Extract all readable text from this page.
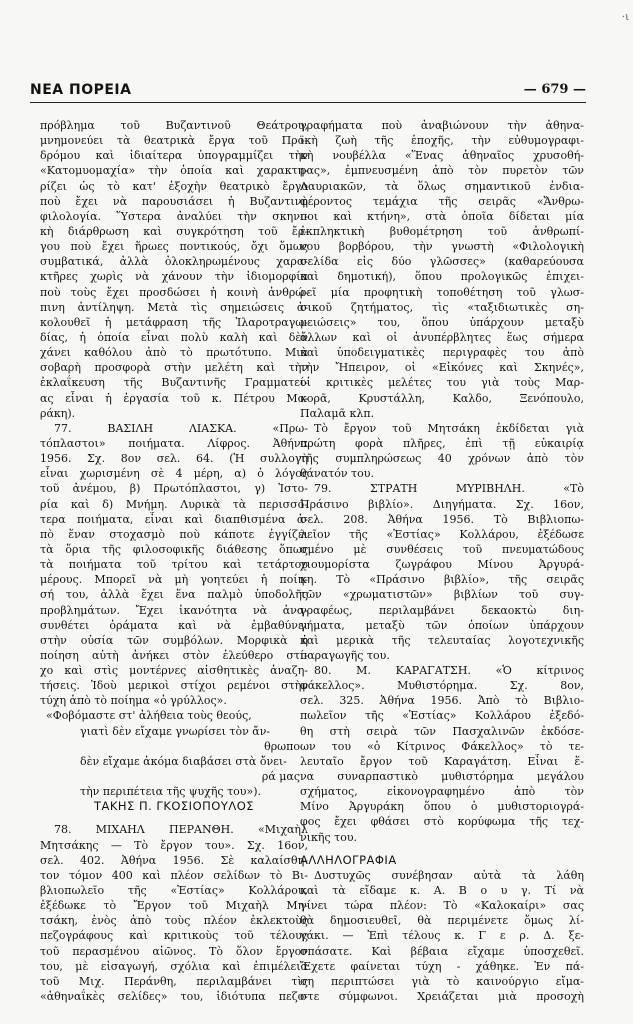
·ι
ΝΕΑ ΠΟΡΕΙΑ	— 679 —
πρόβλημα τοῦ Βυζαντινοῦ Θεάτρου,
μνημονεύει τὰ θεατρικὰ ἔργα τοῦ Προ-
δρόμου καὶ ἰδιαίτερα ὑπογραμμίζει τὴν
«Κατομυομαχία» τὴν ὁποία καὶ χαρακτη-
ρίζει ὡς τὸ κατ' ἐξοχὴν θεατρικὸ ἔργο
ποὺ ἔχει νὰ παρουσιάσει ἡ Βυζαντινὴ
φιλολογία. Ὕστερα ἀναλύει τὴν σκηνι-
κὴ διάρθρωση καὶ συγκρότηση τοῦ ἔρ-
γου ποὺ ἔχει ἥρωες ποντικούς, ὄχι ὅμως
συμβατικά, ἀλλὰ ὁλοκληρωμένους χαρα-
κτῆρες χωρὶς νὰ χάνουν τὴν ἰδιομορφία
ποὺ τοὺς ἔχει προσδώσει ἡ κοινὴ ἀνθρώ-
πινη ἀντίληψη. Μετὰ τὶς σημειώσεις ἀ-
κολουθεῖ ἡ μετάφραση τῆς Ἱλαροτραγω-
δίας, ἡ ὁποία εἶναι πολὺ καλὴ καὶ δὲν
χάνει καθόλου ἀπὸ τὸ πρωτότυπο. Μιὰ
σοβαρὴ προσφορὰ στὴν μελέτη καὶ τὴν
ἐκλαΐκευση τῆς Βυζαντινῆς Γραμματεί-
ας εἶναι ἡ ἐργασία τοῦ κ. Πέτρου Μο-
ράκη).
77. ΒΑΣΙΛΗ ΛΙΑΣΚΑ. «Πρω-
τόπλαστοι» ποιήματα. Λίφρος. Ἀθήνα
1956. Σχ. 8ον σελ. 64. (Ἡ συλλογὴ
εἶναι χωρισμένη σὲ 4 μέρη, α) ὁ λόγος
τοῦ ἀνέμου, β) Πρωτόπλαστοι, γ) Ἱστο-
ρία καὶ δ) Μνήμη. Λυρικὰ τὰ περισσό-
τερα ποιήματα, εἶναι καὶ διαπθισμένα ἀ-
πὸ ἕναν στοχασμὸ ποὺ κάποτε ἐγγίζει
τὰ ὅρια τῆς φιλοσοφικῆς διάθεσης ὅπως
τὰ ποιήματα τοῦ τρίτου καὶ τετάρτου
μέρους. Μπορεῖ νὰ μὴ γοητεύει ἡ ποίη-
σή του, ἀλλὰ ἔχει ἕνα παλμὸ ὑποδολῆς
προβλημάτων. Ἔχει ἱκανότητα νὰ ἀνα-
συνθέτει ὁράματα καὶ νὰ ἐμβαθύνει
στὴν οὐσία τῶν συμβόλων. Μορφικὰ ἡ
ποίηση αὐτὴ ἀνήκει στὸν ἐλεύθερο στί-
χο καὶ στὶς μοντέρνες αἰσθητικὲς ἀναζη-
τήσεις. Ἰδοὺ μερικοὶ στίχοι ρεμένοι στὴν
τύχη ἀπὸ τὸ ποίημα «ὁ γρύλλος».
«Φοβόμαστε στ' ἀλήθεια τοὺς θεούς,
γιατὶ δὲν εἴχαμε γνωρίσει τὸν ἄν-
θρωπο
δὲν εἴχαμε ἀκόμα διαβάσει στὰ ὄνει-
ρά μας
τὴν περιπέτεια τῆς ψυχῆς του»).
ΤΑΚΗΣ Π. ΓΚΟΣΙΟΠΟΥΛΟΣ
78. ΜΙΧΑΗΛ ΠΕΡΑΝΘΗ. «Μιχαὴλ
Μητσάκης — Τὸ ἔργον του». Σχ. 16ον,
σελ. 402. Ἀθήνα 1956. Σὲ καλαίσθη-
τον τόμον 400 καὶ πλέον σελίδων τὸ Βι-
βλιοπωλεῖο τῆς «Ἑστίας» Κολλάρου,
ἐξέδωκε τὸ Ἔργον τοῦ Μιχαὴλ Μη-
τσάκη, ἑνὸς ἀπὸ τοὺς πλέον ἐκλεκτοὺς
πεζογράφους καὶ κριτικοὺς τοῦ τέλους
τοῦ περασμένου αἰῶνος. Τὸ ὅλον ἔργον
του, μὲ εἰσαγωγή, σχόλια καὶ ἐπιμέλεια
τοῦ Μιχ. Περάνθη, περιλαμβάνει τὶς
«ἀθηναΐκὲς σελίδες» του, ἰδιότυπα πεζο-
γραφήματα ποὺ ἀναβιώνουν τὴν ἀθηνα-
ϊκὴ ζωὴ τῆς ἐποχῆς, τὴν εὐθυμογραφι-
κὴ νουβέλλα «Ἕνας ἀθηναῖος χρυσοθή-
ρας», ἐμπνευσμένη ἀπὸ τὸν πυρετὸν τῶν
Λαυριακῶν, τὰ ὅλως σημαντικοῦ ἐνδια-
φέροντος τεμάχια τῆς σειρᾶς «Ἄνθρω-
ποι καὶ κτήνη», στὰ ὁποῖα δίδεται μία
ἐκπληκτικὴ βυθομέτρηση τοῦ ἀνθρωπί-
νου βορβόρου, τὴν γνωστὴ «Φιλολογικὴ
σελίδα εἰς δύο γλῶσσες» (καθαρεύουσα
καὶ δημοτική), ὅπου προλογικῶς ἐπιχει-
ρεῖ μία προφητικὴ τοποθέτηση τοῦ γλωσ-
σικοῦ ζητήματος, τὶς «ταξιδιωτικὲς ση-
μειώσεις» του, ὅπου ὑπάρχουν μεταξὺ
ἄλλων καὶ οἱ ἀνυπέρβλητες ἕως σήμερα
καὶ ὑποδειγματικὲς περιγραφὲς του ἀπὸ
τὴν Ἤπειρον, οἱ «Εἰκόνες καὶ Σκηνές»,
οἱ κριτικὲς μελέτες του γιὰ τοὺς Μαρ-
κορᾶ, Κρυστάλλη, Καλδο, Ξενόπουλο,
Παλαμᾶ κλπ.
Τὸ ἔργον τοῦ Μητσάκη ἐκδίδεται γιὰ
πρώτη φορὰ πλῆρες, ἐπὶ τῇ εὐκαιρίᾳ
τῆς συμπληρώσεως 40 χρόνων ἀπὸ τὸν
θάνατόν του.
79. ΣΤΡΑΤΗ ΜΥΡΙΒΗΛΗ. «Τὸ
Πράσινο βιβλίο». Διηγήματα. Σχ. 16ον,
σελ. 208. Ἀθήνα 1956. Τὸ Βιβλιοπω-
λεῖον τῆς «Ἑστίας» Κολλάρου, ἐξέδωσε
σμένο μὲ συνθέσεις τοῦ πνευματώδους
χιουμορίστα ζωγράφου Μίνου Ἀργυρά-
κη. Τὸ «Πράσινο βιβλίο», τῆς σειρᾶς
τῶν «χρωματιστῶν» βιβλίων τοῦ συγ-
γραφέως, περιλαμβάνει δεκαοκτὼ διη-
γήματα, μεταξὺ τῶν ὁποίων ὑπάρχουν
καὶ μερικὰ τῆς τελευταίας λογοτεχνικῆς
παραγωγῆς του.
80. Μ. ΚΑΡΑΓΑΤΣΗ. «Ὁ κίτρινος
φάκελλος». Μυθιστόρημα. Σχ. 8ον,
σελ. 325. Ἀθήνα 1956. Ἀπὸ τὸ Βιβλιο-
πωλεῖον τῆς «Ἑστίας» Κολλάρου ἐξεδό-
θη στὴ σειρὰ τῶν Πασχαλινῶν ἐκδόσε-
ων του «ὁ Κίτρινος Φάκελλος» τὸ τε-
λευταῖο ἔργον τοῦ Καραγάτση. Εἶναι ἕ-
να συναρπαστικὸ μυθιστόρημα μεγάλου
σχήματος, εἰκονογραφημένο ἀπὸ τὸν
Μίνο Ἀργυράκη ὅπου ὁ μυθιστοριογρά-
φος ἔχει φθάσει στὸ κορύφωμα τῆς τεχ-
νικῆς του.
ΑΛΛΗΛΟΓΡΑΦΙΑ
Δυστυχῶς συνέβησαν αὐτὰ τὰ λάθη
καὶ τὰ εἴδαμε κ. Α. Β ο υ γ. Τί νὰ
γίνει τώρα πλέον: Τὸ «Καλοκαίρι» σας
θὰ δημοσιευθεῖ, θὰ περιμένετε ὅμως λί-
γάκι. — Ἐπὶ τέλους κ. Γ ε ρ. Δ. ξε-
σπάσατε. Καὶ βέβαια εἴχαμε ὑποσχεθεῖ.
Ἔχετε φαίνεται τύχη - χάθηκε. Ἐν πά-
ση περιπτώσει γιὰ τὸ καινούργιο εἴμα-
στε σύμφωνοι. Χρειάζεται μιὰ προσοχὴ
